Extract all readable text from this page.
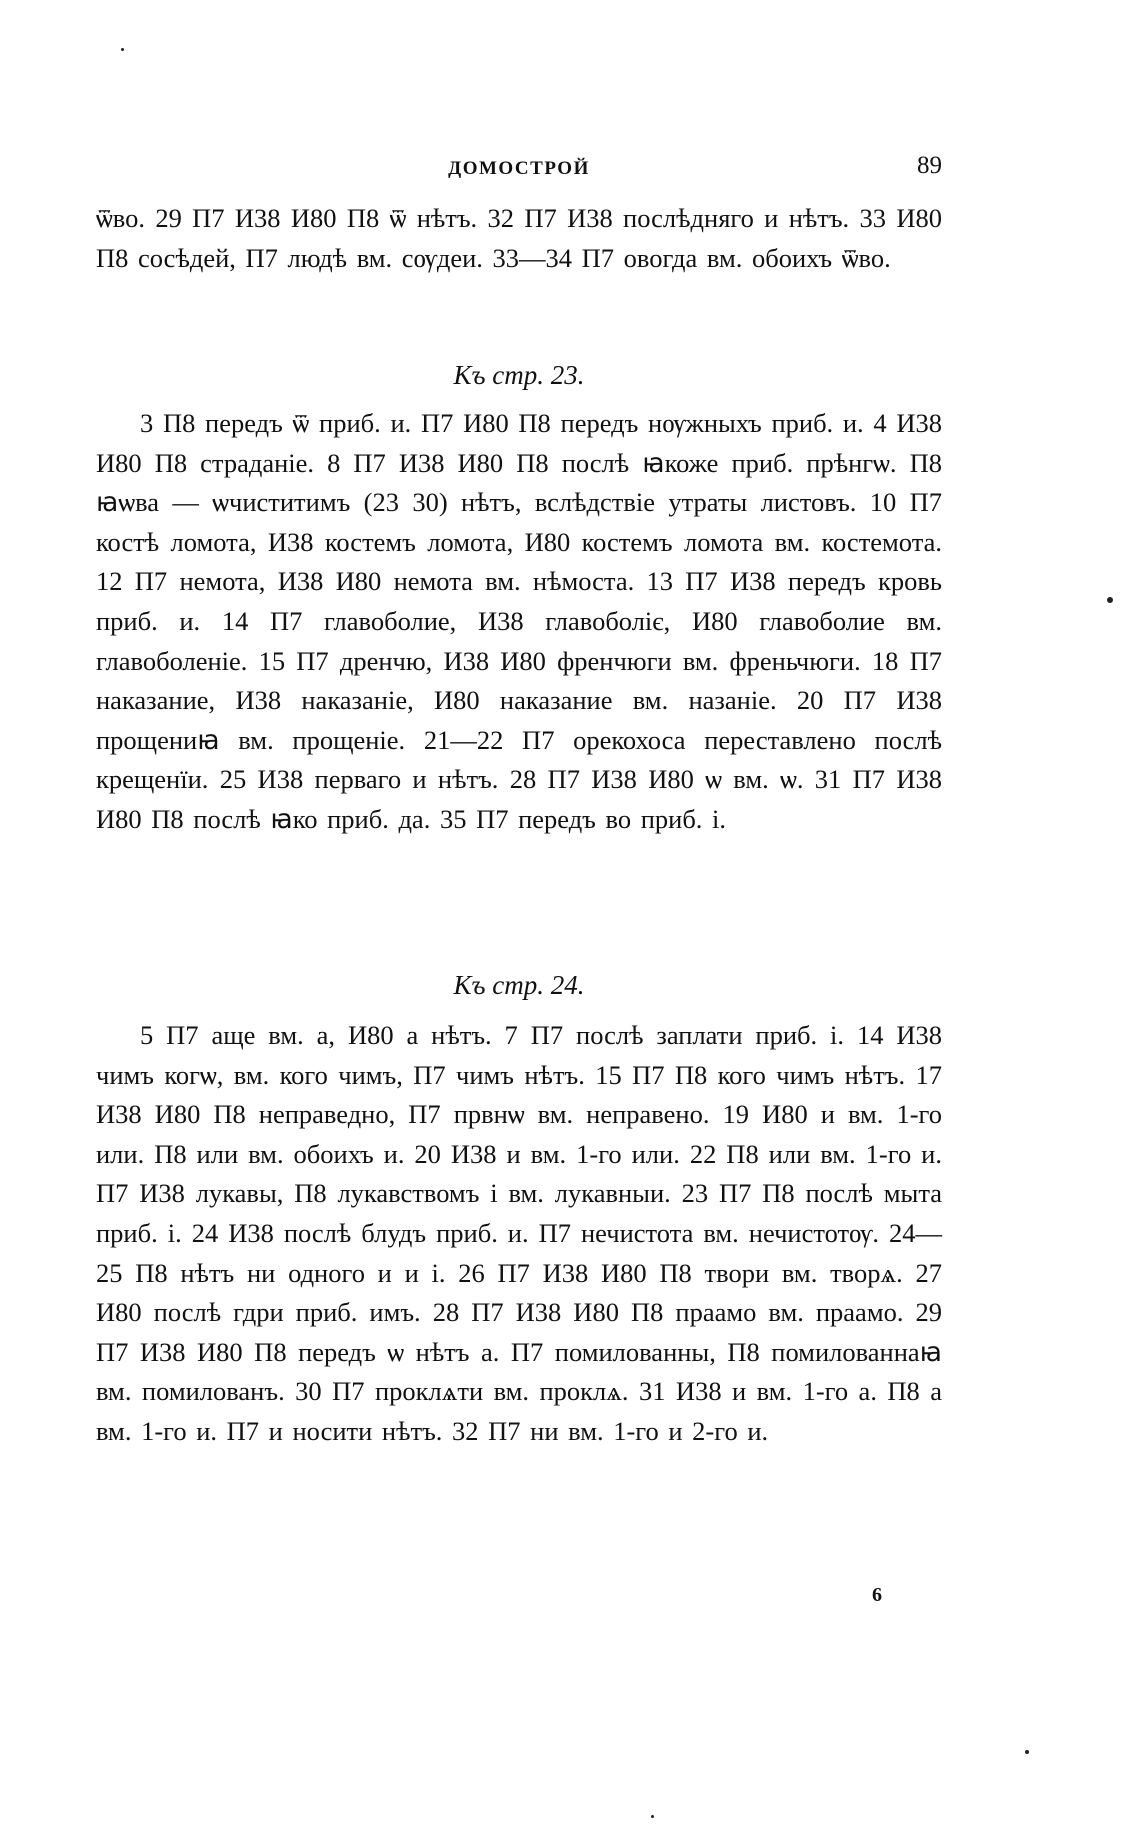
ДОМОСТРОЙ	89

ѿво. 29 П7 И38 И80 П8 ѿ нѣтъ. 32 П7 И38 послѣдняго и нѣтъ. 33 И80 П8 сосѣдей, П7 людѣ вм. сѹдеи. 33—34 П7 овогда вм. обоихъ ѿво.

Къ стр. 23.

3 П8 передъ ѿ приб. и. П7 И80 П8 передъ нѹжныхъ приб. и. 4 И38 И80 П8 страданіе. 8 П7 И38 И80 П8 послѣ ꙗкоже приб. прѣнгѡ. П8 ꙗѡва — ѡчиститимъ (23 30) нѣтъ, вслѣдствіе утраты листовъ. 10 П7 костѣ ломота, И38 костемъ ломота, И80 костемъ ломота вм. костемота. 12 П7 немота, И38 И80 немота вм. нѣмоста. 13 П7 И38 передъ кровь приб. и. 14 П7 главоболие, И38 главоболіє, И80 главоболие вм. главоболеніе. 15 П7 дренчю, И38 И80 френчюги вм. френьчюги. 18 П7 наказание, И38 наказаніе, И80 наказание вм. назаніе. 20 П7 И38 прощениꙗ вм. прощеніе. 21—22 П7 орекохоса переставлено послѣ крещенїи. 25 И38 перваго и нѣтъ. 28 П7 И38 И80 ѡ вм. ѡ. 31 П7 И38 И80 П8 послѣ ꙗко приб. да. 35 П7 передъ во приб. і.

Къ стр. 24.

5 П7 аще вм. а, И80 а нѣтъ. 7 П7 послѣ заплати приб. і. 14 И38 чимъ когѡ, вм. кого чимъ, П7 чимъ нѣтъ. 15 П7 П8 кого чимъ нѣтъ. 17 И38 И80 П8 неправедно, П7 првнѡ вм. неправено. 19 И80 и вм. 1-го или. П8 или вм. обоихъ и. 20 И38 и вм. 1-го или. 22 П8 или вм. 1-го и. П7 И38 лукавы, П8 лукавствомъ і вм. лукавныи. 23 П7 П8 послѣ мыта приб. і. 24 И38 послѣ блудъ приб. и. П7 нечистота вм. нечистотѹ. 24—25 П8 нѣтъ ни одного и и і. 26 П7 И38 И80 П8 твори вм. творѧ. 27 И80 послѣ гдри приб. имъ. 28 П7 И38 И80 П8 праамо вм. праамо. 29 П7 И38 И80 П8 передъ ѡ нѣтъ а. П7 помилованны, П8 помилованнаꙗ вм. помилованъ. 30 П7 проклѧти вм. проклѧ. 31 И38 и вм. 1-го а. П8 а вм. 1-го и. П7 и носити нѣтъ. 32 П7 ни вм. 1-го и 2-го и.

6
